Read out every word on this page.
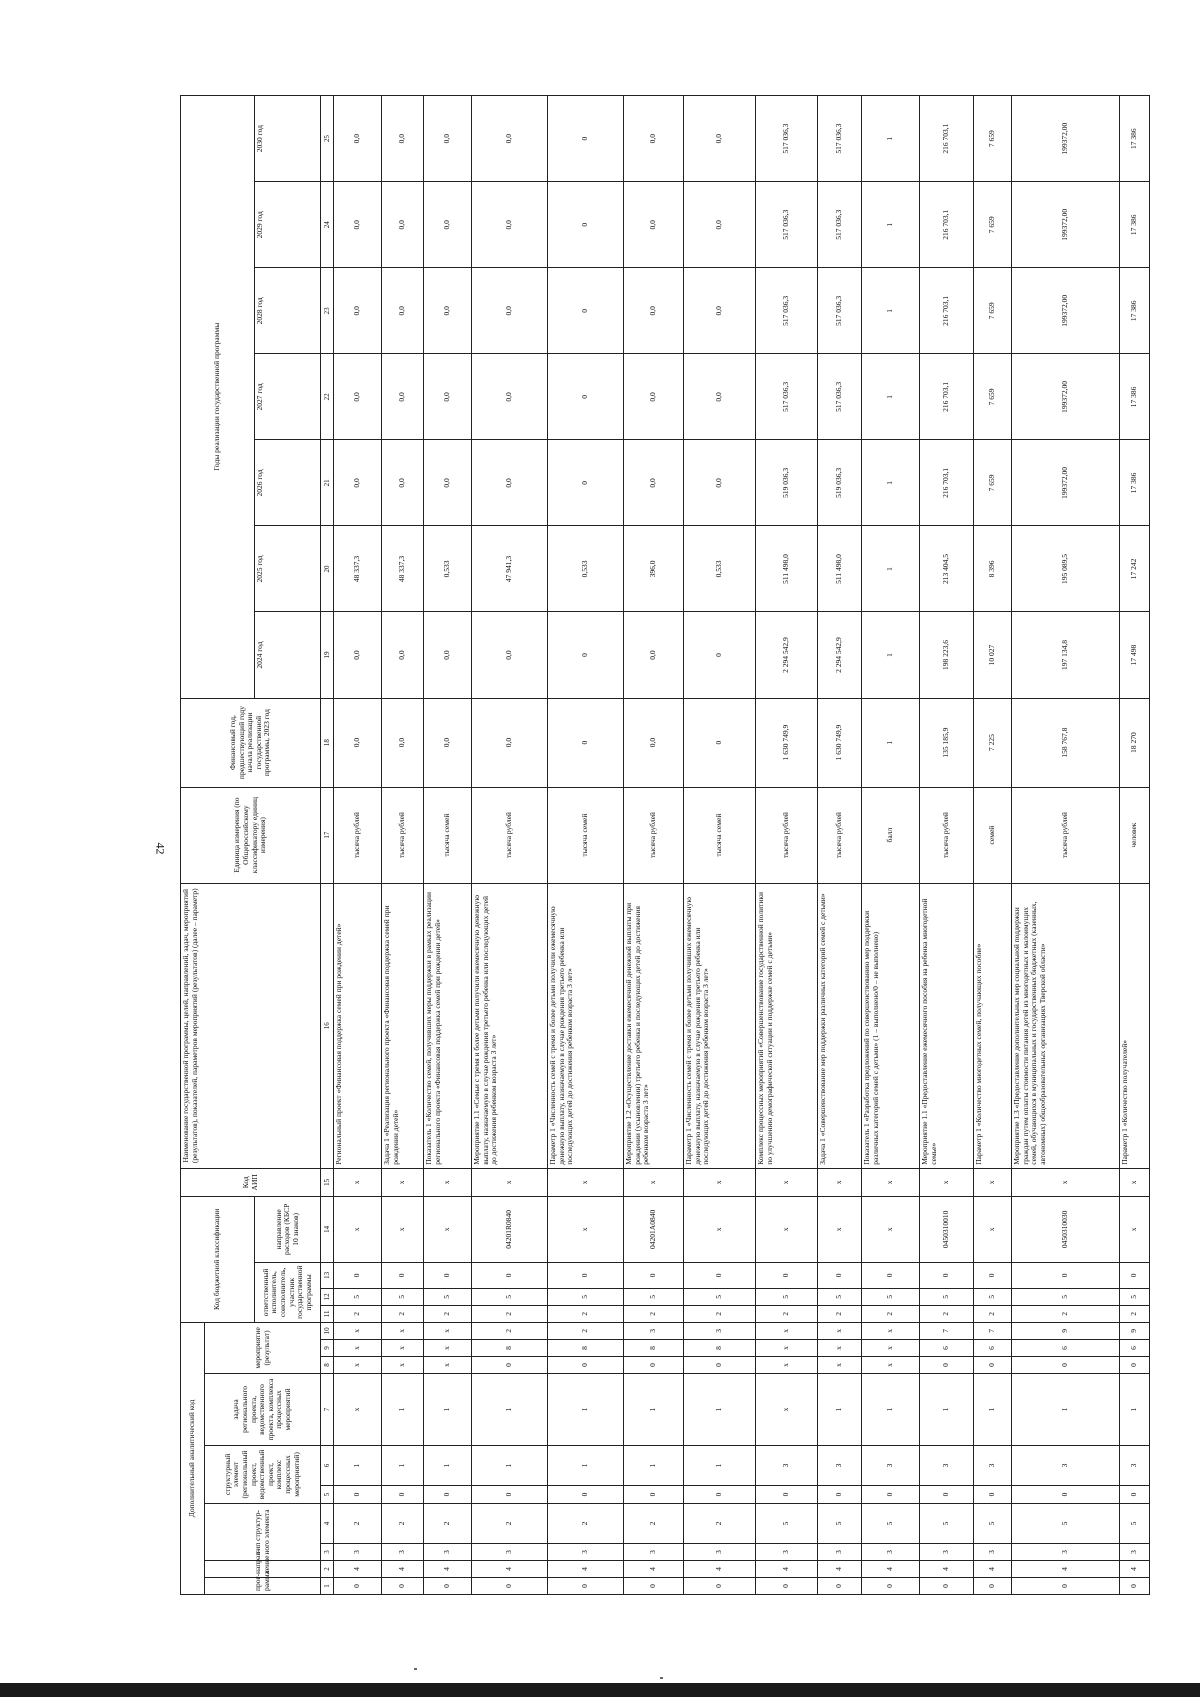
42
Дополнительный аналитический код										Код бюджетной классификации				Код АИП	Наименование государственной программы, целей, направлений, задач, мероприятий (результатов), показателей, параметров мероприятий (результатов) (далее – параметр)	Единица измерения (по Общероссийскому классификатору единиц измерения)	Финансовый год, предшествующий году начала реализации государственной программы, 2023 год	Годы реализации государственной программы						
прог-рамма	направ-ление	тип структур-ного элемента		структурный элемент (региональный проект, ведомственный проект, комплекс процессных мероприятий)		задача регионального проекта, ведомственного проекта, комплекса процессных мероприятий	мероприятие (результат)																	
										ответственный исполнитель, соисполнитель, участник государственной программы			направление расходов (КБСР 10 знаков)					2024 год	2025 год	2026 год	2027 год	2028 год	2029 год	2030 год
1	2	3	4	5	6	7	8	9	10	11	12	13	14	15	16	17	18	19	20	21	22	23	24	25
0	4	3	2	0	1	x	x	x	x	2	5	0	x	x	Региональный проект «Финансовая поддержка семей при рождении детей»	тысяча рублей	0,0	0,0	48 337,3	0,0	0,0	0,0	0,0	0,0
0	4	3	2	0	1	1	x	x	x	2	5	0	x	x	Задача 1 «Реализация регионального проекта «Финансовая поддержка семей при рождении детей»	тысяча рублей	0,0	0,0	48 337,3	0,0	0,0	0,0	0,0	0,0
0	4	3	2	0	1	1	x	x	x	2	5	0	x	x	Показатель 1 «Количество семей, получивших меры поддержки в рамках реализации регионального проекта «Финансовая поддержка семей при рождении детей»	тысяча семей	0,0	0,0	0,533	0,0	0,0	0,0	0,0	0,0
0	4	3	2	0	1	1	0	8	2	2	5	0	04201R0840	x	Мероприятие 1.1 «Семьи с тремя и более детьми получили ежемесячную денежную выплату, назначаемую в случае рождения третьего ребенка или последующих детей до достижения ребенком возраста 3 лет»	тысяча рублей	0,0	0,0	47 941,3	0,0	0,0	0,0	0,0	0,0
0	4	3	2	0	1	1	0	8	2	2	5	0	x	x	Параметр 1 «Численность семей с тремя и более детьми получили ежемесячную денежную выплату, назначаемую в случае рождения третьего ребенка или последующих детей до достижения ребенком возраста 3 лет»	тысяча семей	0	0	0,533	0	0	0	0	0
0	4	3	2	0	1	1	0	8	3	2	5	0	04201A0840	x	Мероприятие 1.2 «Осуществление доставки ежемесячной денежной выплаты при рождении (усыновлении) третьего ребенка и последующих детей до достижения ребенком возраста 3 лет»	тысяча рублей	0,0	0,0	396,0	0,0	0,0	0,0	0,0	0,0
0	4	3	2	0	1	1	0	8	3	2	5	0	x	x	Параметр 1 «Численность семей с тремя и более детьми получивших ежемесячную денежную выплату, назначаемую в случае рождения третьего ребенка или последующих детей до достижения ребенком возраста 3 лет»	тысяча семей	0	0	0,533	0,0	0,0	0,0	0,0	0,0
0	4	3	5	0	3	x	x	x	x	2	5	0	x	x	Комплекс процессных мероприятий «Совершенствование государственной политики по улучшению демографической ситуации и поддержке семей с детьми»	тысяча рублей	1 630 749,9	2 294 542,9	511 498,0	519 036,3	517 036,3	517 036,3	517 036,3	517 036,3
0	4	3	5	0	3	1	x	x	x	2	5	0	x	x	Задача 1 «Совершенствование мер поддержки различных категорий семей с детьми»	тысяча рублей	1 630 749,9	2 294 542,9	511 498,0	519 036,3	517 036,3	517 036,3	517 036,3	517 036,3
0	4	3	5	0	3	1	x	x	x	2	5	0	x	x	Показатель 1 «Разработка предложений по совершенствованию мер поддержки различных категорий семей с детьми» (1 – выполнено/0 – не выполнено)	балл	1	1	1	1	1	1	1	1
0	4	3	5	0	3	1	0	6	7	2	5	0	0450310010	x	Мероприятие 1.1 «Предоставление ежемесячного пособия на ребенка многодетной семье»	тысяча рублей	135 185,9	198 223,6	213 404,5	216 703,1	216 703,1	216 703,1	216 703,1	216 703,1
0	4	3	5	0	3	1	0	6	7	2	5	0	x	x	Параметр 1 «Количество многодетных семей, получающих пособие»	семей	7 225	10 027	8 396	7 659	7 659	7 659	7 659	7 659
0	4	3	5	0	3	1	0	6	9	2	5	0	0450310030	x	Мероприятие 1.3 «Предоставление дополнительных мер социальной поддержки граждан путем оплаты стоимости питания детей из многодетных и малоимущих семей, обучающихся в муниципальных и государственных бюджетных (казенных, автономных) общеобразовательных организациях Тверской области»	тысяча рублей	158 767,8	197 134,8	195 089,5	199372,00	199372,00	199372,00	199372,00	199372,00
0	4	3	5	0	3	1	0	6	9	2	5	0	x	x	Параметр 1 «Количество получателей»	человек	18 270	17 498	17 242	17 386	17 386	17 386	17 386	17 386
